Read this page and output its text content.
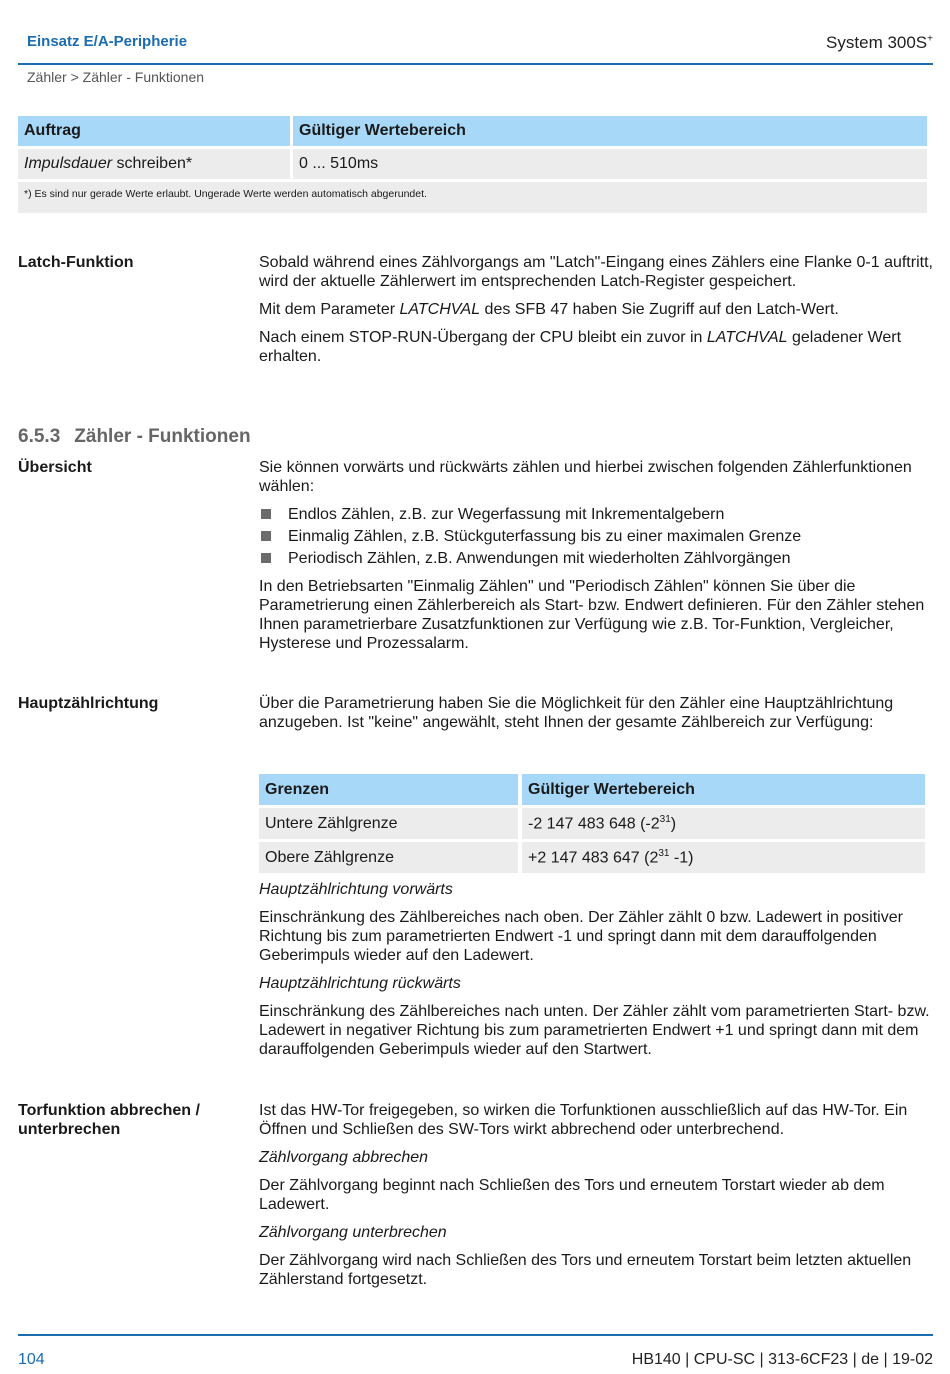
Einsatz E/A-Peripherie	System 300S+
Zähler > Zähler - Funktionen
Auftrag	Gültiger Wertebereich
Impulsdauer schreiben*	0 ... 510ms
*) Es sind nur gerade Werte erlaubt. Ungerade Werte werden automatisch abgerundet.	
Latch-Funktion	Sobald während eines Zählvorgangs am "Latch"-Eingang eines Zählers eine Flanke 0-1 auftritt, wird der aktuelle Zählerwert im entsprechenden Latch-Register gespeichert.

Mit dem Parameter LATCHVAL des SFB 47 haben Sie Zugriff auf den Latch-Wert.

Nach einem STOP-RUN-Übergang der CPU bleibt ein zuvor in LATCHVAL geladener Wert erhalten.

6.5.3 Zähler - Funktionen
Übersicht	Sie können vorwärts und rückwärts zählen und hierbei zwischen folgenden Zählerfunktionen wählen:

Endlos Zählen, z.B. zur Wegerfassung mit Inkrementalgebern
Einmalig Zählen, z.B. Stückguterfassung bis zu einer maximalen Grenze
Periodisch Zählen, z.B. Anwendungen mit wiederholten Zählvorgängen

In den Betriebsarten "Einmalig Zählen" und "Periodisch Zählen" können Sie über die Parametrierung einen Zählerbereich als Start- bzw. Endwert definieren. Für den Zähler stehen Ihnen parametrierbare Zusatzfunktionen zur Verfügung wie z.B. Tor-Funktion, Vergleicher, Hysterese und Prozessalarm.

Hauptzählrichtung	Über die Parametrierung haben Sie die Möglichkeit für den Zähler eine Hauptzählrichtung anzugeben. Ist "keine" angewählt, steht Ihnen der gesamte Zählbereich zur Verfügung:

Grenzen	Gültiger Wertebereich
Untere Zählgrenze	-2 147 483 648 $(-2^{31})$
Obere Zählgrenze	+2 147 483 647 ($2^{31}$ -1)

Hauptzählrichtung vorwärts

Einschränkung des Zählbereiches nach oben. Der Zähler zählt 0 bzw. Ladewert in positiver Richtung bis zum parametrierten Endwert -1 und springt dann mit dem darauffolgenden Geberimpuls wieder auf den Ladewert.

Hauptzählrichtung rückwärts

Einschränkung des Zählbereiches nach unten. Der Zähler zählt vom parametrierten Start- bzw. Ladewert in negativer Richtung bis zum parametrierten Endwert +1 und springt dann mit dem darauffolgenden Geberimpuls wieder auf den Startwert.

Torfunktion abbrechen / unterbrechen

Ist das HW-Tor freigegeben, so wirken die Torfunktionen ausschließlich auf das HW-Tor. Ein Öffnen und Schließen des SW-Tors wirkt abbrechend oder unterbrechend.

Zählvorgang abbrechen

Der Zählvorgang beginnt nach Schließen des Tors und erneutem Torstart wieder ab dem Ladewert.

Zählvorgang unterbrechen

Der Zählvorgang wird nach Schließen des Tors und erneutem Torstart beim letzten aktuellen Zählerstand fortgesetzt.

104	HB140 | CPU-SC | 313-6CF23 | de | 19-02
